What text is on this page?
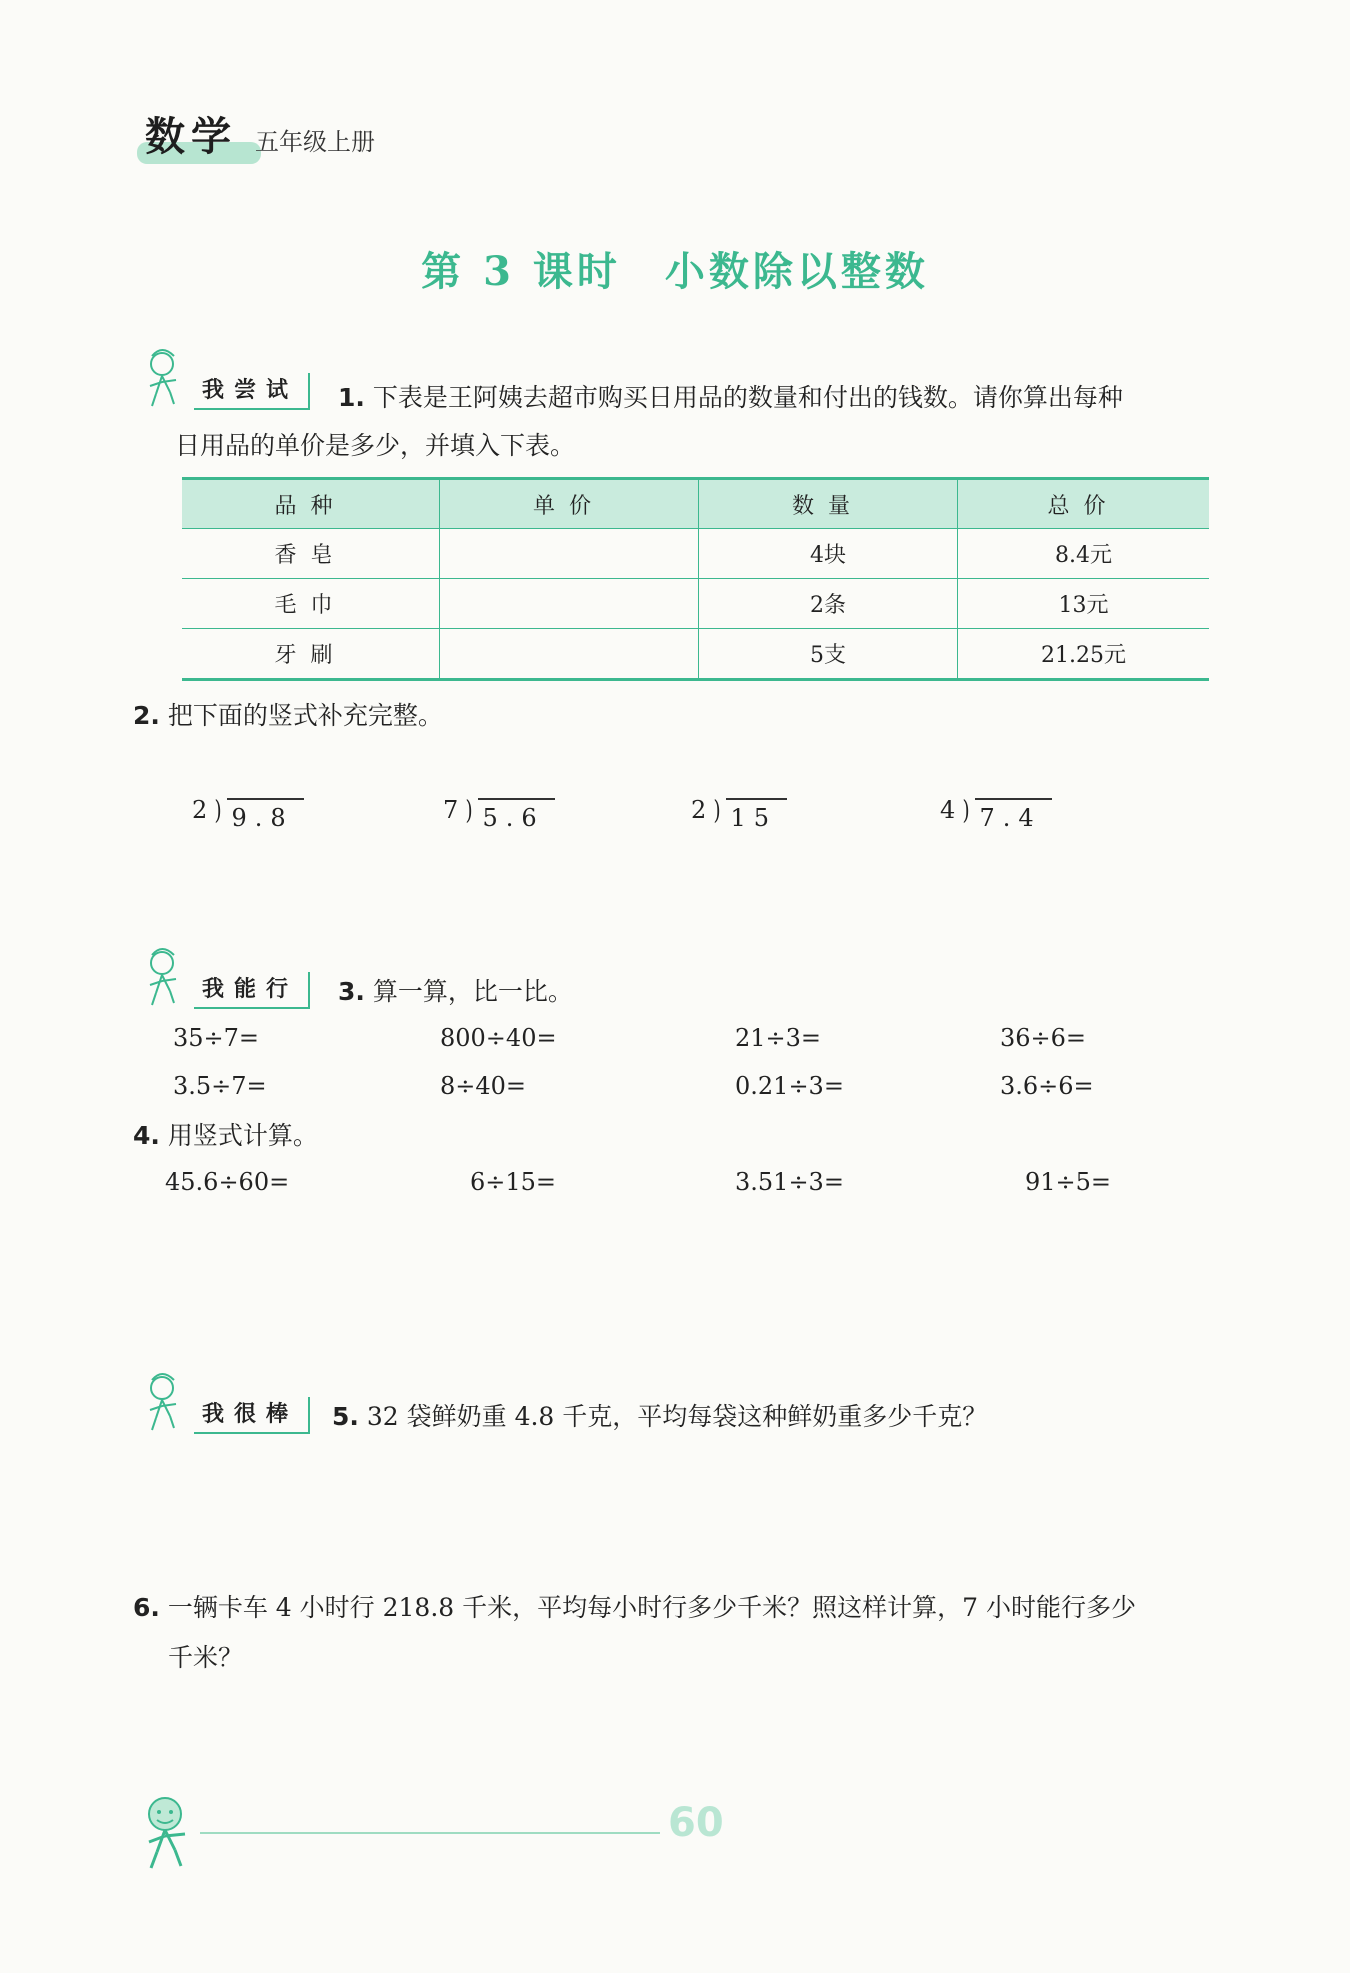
数学 五年级上册
第 3 课时　小数除以整数
我尝试	1. 下表是王阿姨去超市购买日用品的数量和付出的钱数。请你算出每种
日用品的单价是多少，并填入下表。
品种	单价	数量	总价
香皂		4块	8.4元
毛巾		2条	13元
牙刷		5支	21.25元
2. 把下面的竖式补充完整。
2 ) 9.8	7 ) 5.6	2 ) 15	4 ) 7.4
我能行	3. 算一算，比一比。
35÷7=	800÷40=	21÷3=	36÷6=
3.5÷7=	8÷40=	0.21÷3=	3.6÷6=
4. 用竖式计算。
45.6÷60=	6÷15=	3.51÷3=	91÷5=
我很棒	5. 32 袋鲜奶重 4.8 千克，平均每袋这种鲜奶重多少千克？
6. 一辆卡车 4 小时行 218.8 千米，平均每小时行多少千米？照这样计算，7 小时能行多少
千米？
60
